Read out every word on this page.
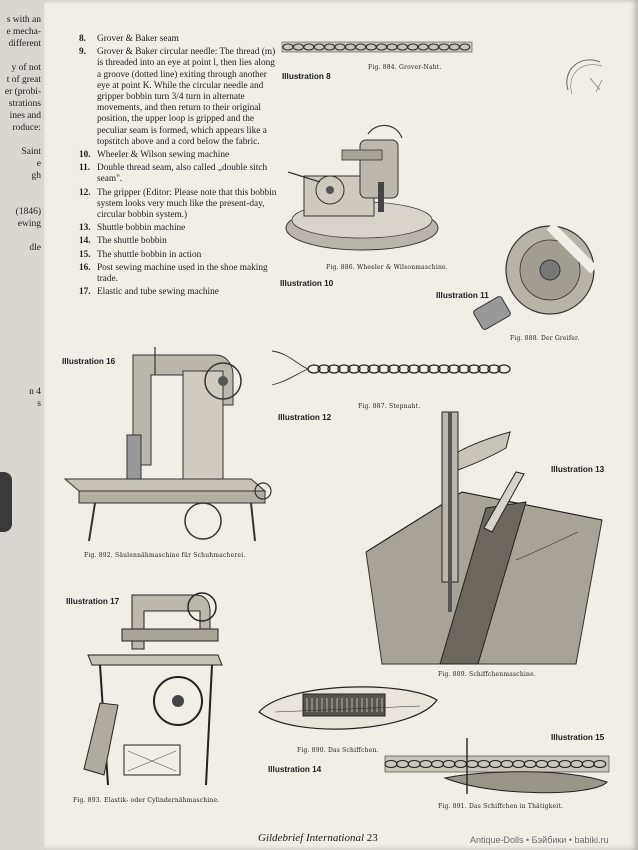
s with an
e mecha-
different

y of not
t of great
er (probi-
strations
ines and
roduce:

Saint
e
gh

(1846)
ewing

dle

n 4
s
8. Grover & Baker seam
9. Grover & Baker circular needle: The thread (m) is threaded into an eye at point l, then lies along a groove (dotted line) exiting through another eye at point K. While the circular needle and gripper bobbin turn 3/4 turn in alternate movements, and then return to their original position, the upper loop is gripped and the peculiar seam is formed, which appears like a topstitch above and a cord below the fabric.
10. Wheeler & Wilson sewing machine
11. Double thread seam, also called „double sitch seam".
12. The gripper (Editor: Please note that this bobbin system looks very much like the present-day, circular bobbin system.)
13. Shuttle bobbin machine
14. The shuttle bobbin
15. The shuttle bobbin in action
16. Post sewing machine used in the shoe making trade.
17. Elastic and tube sewing machine
Illustration 8
Fig. 884. Grover-Naht.
Fig. 886. Wheeler & Wilsonmaschine.
Illustration 10
Illustration 11
Fig. 888. Der Greifer.
Fig. 887. Stepnaht.
Illustration 12
Illustration 16
Fig. 892. Säulennähmaschine für Schuhmacherei.
Illustration 13
Fig. 889. Schiffchenmaschine.
Illustration 17
Fig. 893. Elastik- oder Cylindernähmaschine.
Fig. 890. Das Schiffchen.
Illustration 14
Illustration 15
Fig. 891. Das Schiffchen in Thätigkeit.
Gildebrief International 23	Antique-Dolls • Бэйбики • babiki.ru
